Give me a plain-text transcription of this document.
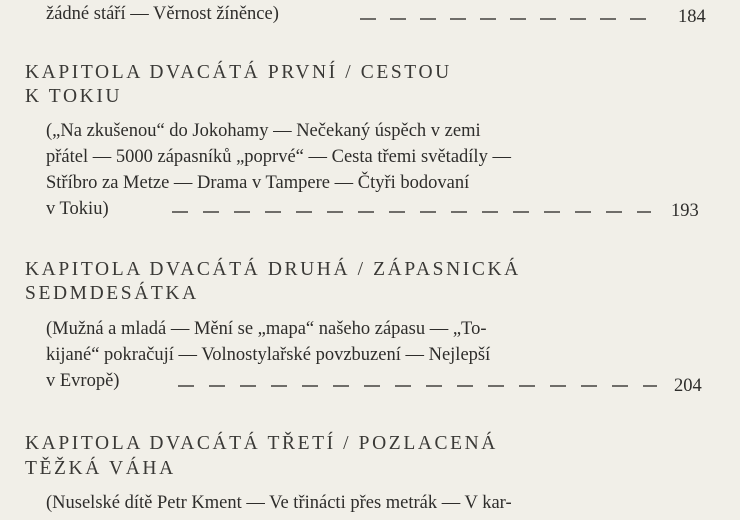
žádné stáří — Věrnost žíněnce)	184
KAPITOLA DVACÁTÁ PRVNÍ / CESTOU
K TOKIU
(„Na zkušenou“ do Jokohamy — Nečekaný úspěch v zemi
přátel — 5000 zápasníků „poprvé“ — Cesta třemi světadíly —
Stříbro za Metze — Drama v Tampere — Čtyři bodovaní
v Tokiu)	193
KAPITOLA DVACÁTÁ DRUHÁ / ZÁPASNICKÁ
SEDMDESÁTKA
(Mužná a mladá — Mění se „mapa“ našeho zápasu — „To-
kijané“ pokračují — Volnostylařské povzbuzení — Nejlepší
v Evropě)	204
KAPITOLA DVACÁTÁ TŘETÍ / POZLACENÁ
TĚŽKÁ VÁHA
(Nuselské dítě Petr Kment — Ve třinácti přes metrák — V kar-
